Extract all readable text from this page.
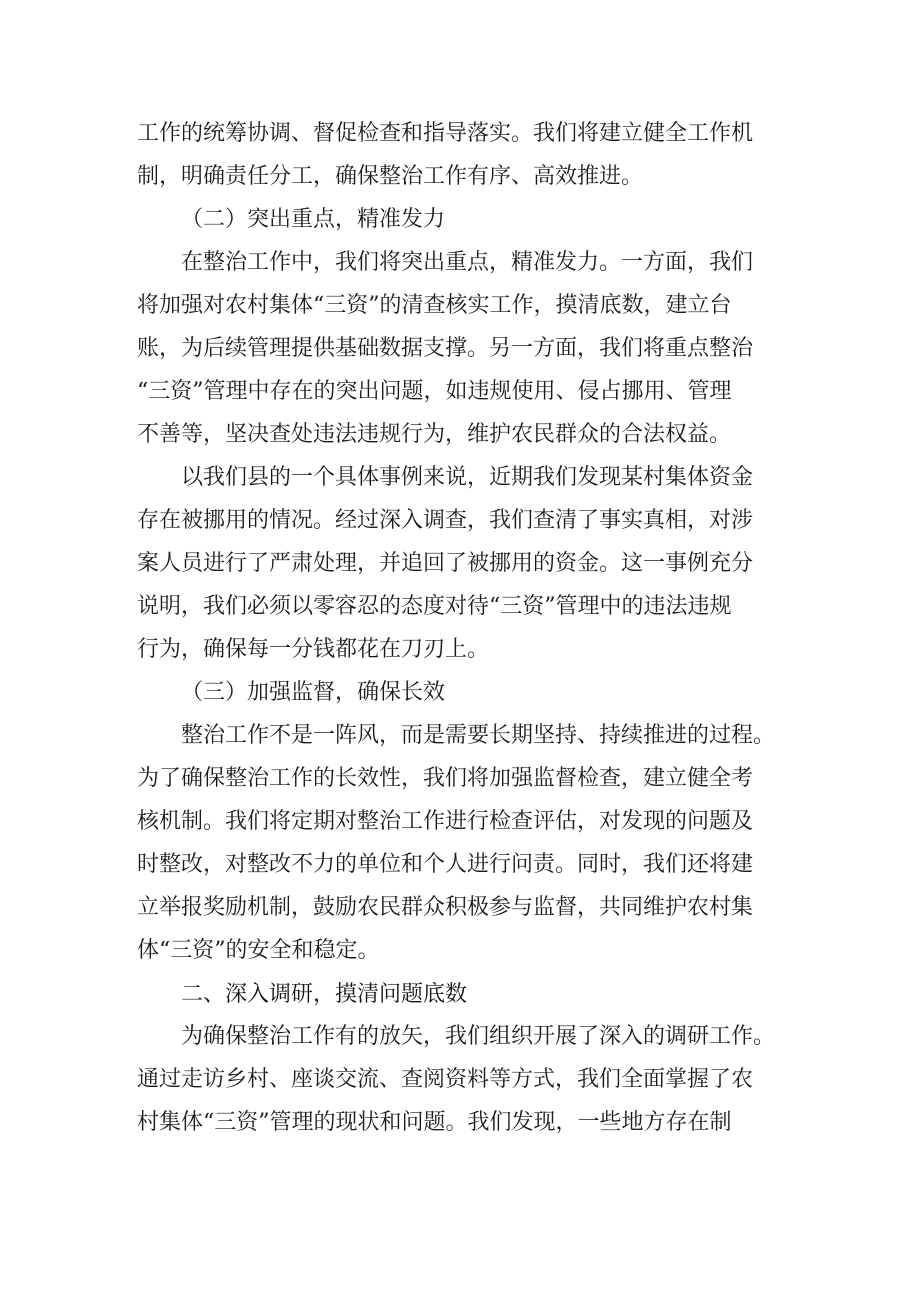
工作的统筹协调、督促检查和指导落实。我们将建立健全工作机
制，明确责任分工，确保整治工作有序、高效推进。
（二）突出重点，精准发力
在整治工作中，我们将突出重点，精准发力。一方面，我们
将加强对农村集体“三资”的清查核实工作，摸清底数，建立台
账，为后续管理提供基础数据支撑。另一方面，我们将重点整治
“三资”管理中存在的突出问题，如违规使用、侵占挪用、管理
不善等，坚决查处违法违规行为，维护农民群众的合法权益。
以我们县的一个具体事例来说，近期我们发现某村集体资金
存在被挪用的情况。经过深入调查，我们查清了事实真相，对涉
案人员进行了严肃处理，并追回了被挪用的资金。这一事例充分
说明，我们必须以零容忍的态度对待“三资”管理中的违法违规
行为，确保每一分钱都花在刀刃上。
（三）加强监督，确保长效
整治工作不是一阵风，而是需要长期坚持、持续推进的过程。
为了确保整治工作的长效性，我们将加强监督检查，建立健全考
核机制。我们将定期对整治工作进行检查评估，对发现的问题及
时整改，对整改不力的单位和个人进行问责。同时，我们还将建
立举报奖励机制，鼓励农民群众积极参与监督，共同维护农村集
体“三资”的安全和稳定。
二、深入调研，摸清问题底数
为确保整治工作有的放矢，我们组织开展了深入的调研工作。
通过走访乡村、座谈交流、查阅资料等方式，我们全面掌握了农
村集体“三资”管理的现状和问题。我们发现，一些地方存在制
